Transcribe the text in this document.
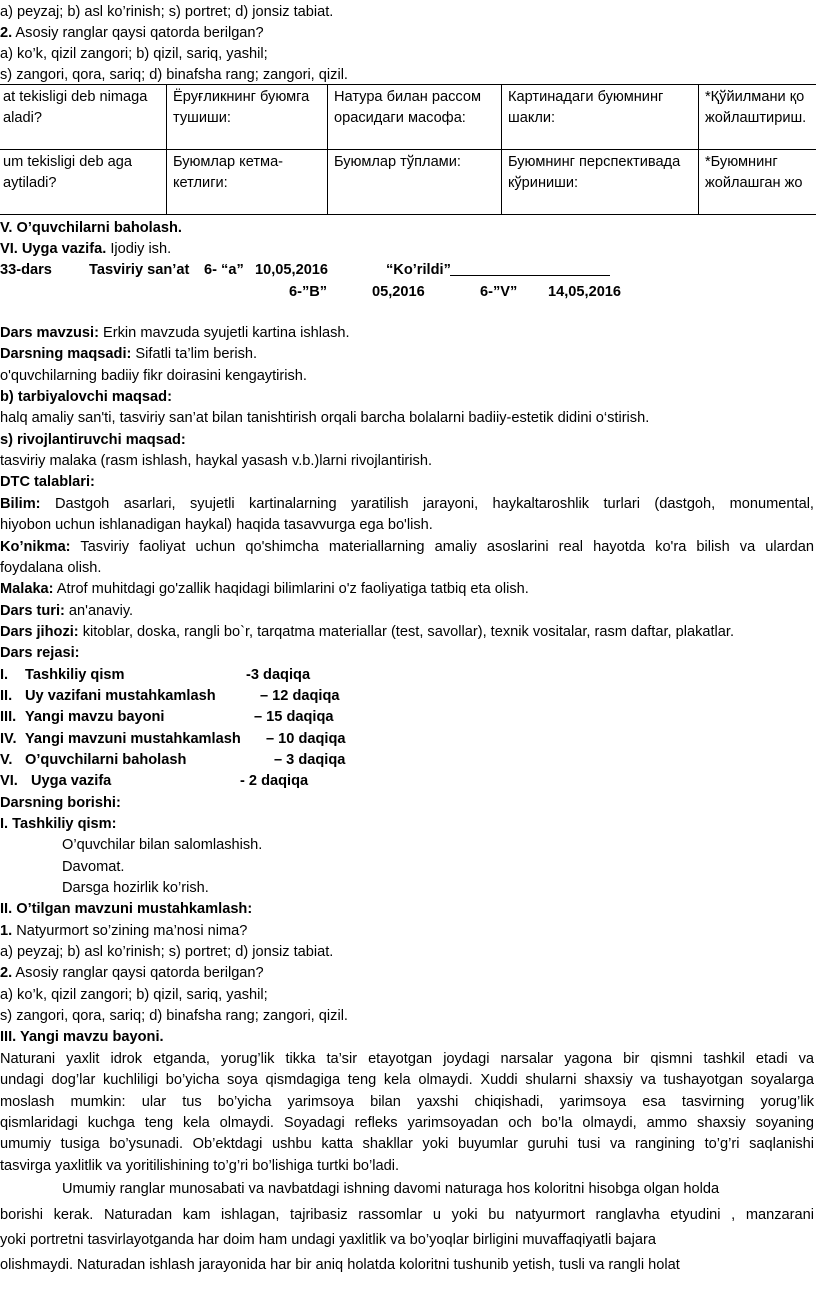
a) peyzaj; b) asl ko’rinish; s) portret; d) jonsiz tabiat.
2. Asosiy ranglar qaysi qatorda berilgan?
a) ko’k, qizil zangori; b) qizil, sariq, yashil;
s) zangori, qora, sariq; d) binafsha rang; zangori, qizil.
at tekisligi deb nimaga aladi?	Ёруғликнинг буюмга тушиши:	Натура билан рассом орасидаги масофа:	Картинадаги буюмнинг шакли:	*Қўйилмани қо жойлаштириш.
um tekisligi deb aga aytiladi?	Буюмлар кетма-кетлиги:	Буюмлар тўплами:	Буюмнинг перспективада кўриниши:	*Буюмнинг жойлашган жо
V. O’quvchilarni baholash.
VI. Uyga vazifa. Ijodiy ish.
33-dars	Tasviriy san’at 6- “a” 10,05,2016	“Ko’rildi”
6-”B”	05,2016	6-”V” 14,05,2016
Dars mavzusi: Erkin mavzuda syujetli kartina ishlash.
Darsning maqsadi: Sifatli ta’lim berish.
o'quvchilarning badiiy fikr doirasini kengaytirish.
b) tarbiyalovchi maqsad:
halq amaliy san'ti, tasviriy san’at bilan tanishtirish orqali barcha bolalarni badiiy-estetik didini o‘stirish.
s) rivojlantiruvchi maqsad:
tasviriy malaka (rasm ishlash, haykal yasash v.b.)larni rivojlantirish.
DTC talablari:
Bilim: Dastgoh asarlari, syujetli kartinalarning yaratilish jarayoni, haykaltaroshlik turlari (dastgoh, monumental,
hiyobon uchun ishlanadigan haykal) haqida tasavvurga ega bo'lish.
Ko’nikma: Tasviriy faoliyat uchun qo'shimcha materiallarning amaliy asoslarini real hayotda ko'ra bilish va ulardan
foydalana olish.
Malaka: Atrof muhitdagi go'zallik haqidagi bilimlarini o'z faoliyatiga tatbiq eta olish.
Dars turi: an'anaviy.
Dars jihozi: kitoblar, doska, rangli bo`r, tarqatma materiallar (test, savollar), texnik vositalar, rasm daftar, plakatlar.
Dars rejasi:
I. Tashkiliy qism	-3 daqiqa
II. Uy vazifani mustahkamlash	– 12 daqiqa
III. Yangi mavzu bayoni	– 15 daqiqa
IV. Yangi mavzuni mustahkamlash – 10 daqiqa
V. O’quvchilarni baholash	– 3 daqiqa
VI. Uyga vazifa	- 2 daqiqa
Darsning borishi:
I. Tashkiliy qism:
O’quvchilar bilan salomlashish.
Davomat.
Darsga hozirlik ko’rish.
II. O’tilgan mavzuni mustahkamlash:
1. Natyurmort so’zining ma’nosi nima?
a) peyzaj; b) asl ko’rinish; s) portret; d) jonsiz tabiat.
2. Asosiy ranglar qaysi qatorda berilgan?
a) ko’k, qizil zangori; b) qizil, sariq, yashil;
s) zangori, qora, sariq; d) binafsha rang; zangori, qizil.
III. Yangi mavzu bayoni.
Naturani yaxlit idrok etganda, yorug’lik tikka ta’sir etayotgan joydagi narsalar yagona bir qismni tashkil etadi va
undagi dog’lar kuchliligi bo’yicha soya qismdagiga teng kela olmaydi. Xuddi shularni shaxsiy va tushayotgan soyalarga
moslash mumkin: ular tus bo’yicha yarimsoya bilan yaxshi chiqishadi, yarimsoya esa tasvirning yorug’lik
qismlaridagi kuchga teng kela olmaydi. Soyadagi refleks yarimsoyadan och bo’la olmaydi, ammo shaxsiy soyaning
umumiy tusiga bo’ysunadi. Ob’ektdagi ushbu katta shakllar yoki buyumlar guruhi tusi va rangining to’g’ri saqlanishi
tasvirga yaxlitlik va yoritilishining to’g’ri bo’lishiga turtki bo’ladi.
Umumiy ranglar munosabati va navbatdagi ishning davomi naturaga hos koloritni hisobga olgan holda
borishi kerak. Naturadan kam ishlagan, tajribasiz rassomlar u yoki bu natyurmort ranglavha etyudini , manzarani
yoki portretni tasvirlayotganda har doim ham undagi yaxlitlik va bo’yoqlar birligini muvaffaqiyatli bajara
olishmaydi. Naturadan ishlash jarayonida har bir aniq holatda koloritni tushunib yetish, tusli va rangli holat
